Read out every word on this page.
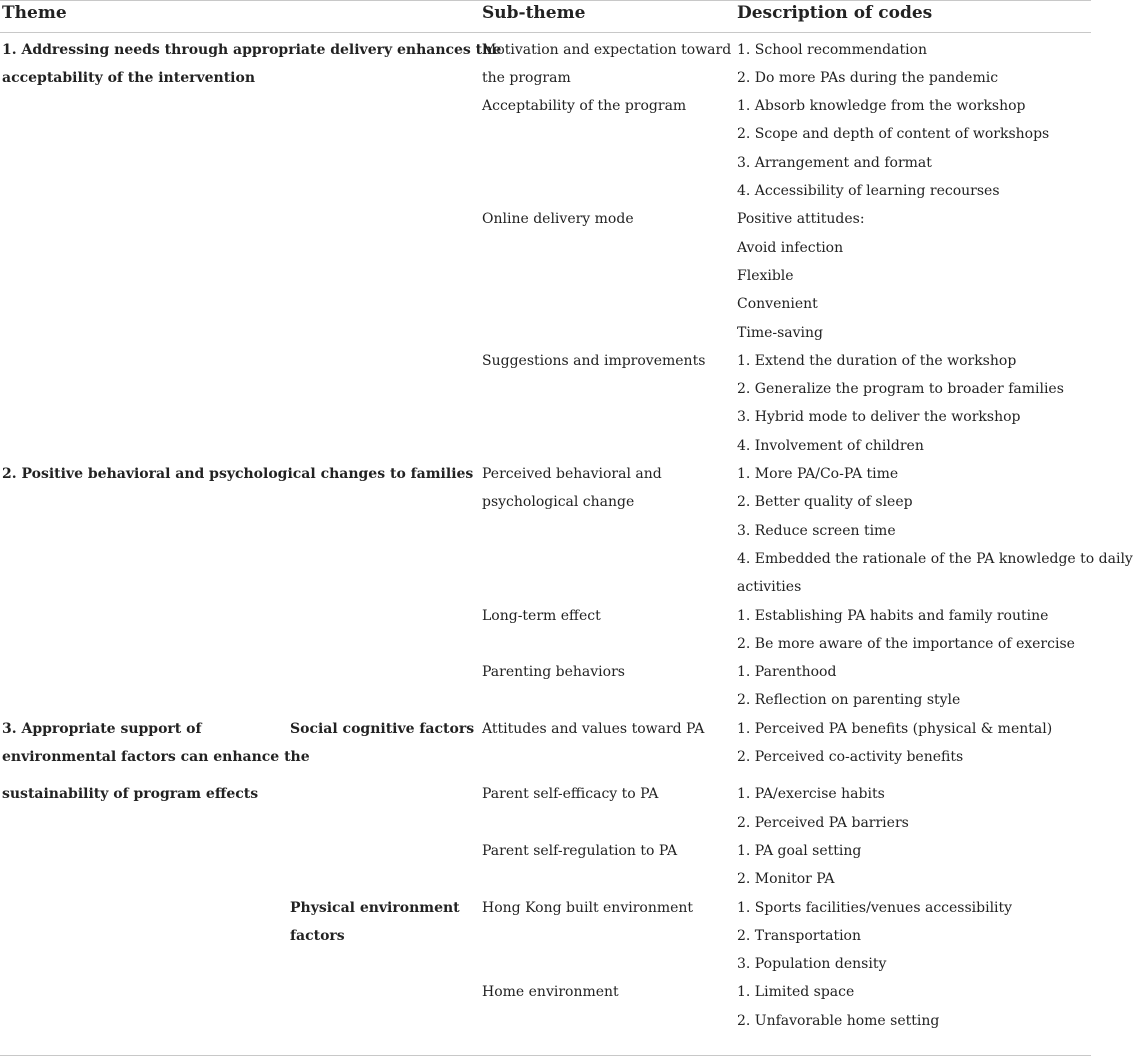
Theme	Sub-theme	Description of codes
1. Addressing needs through appropriate delivery enhances the
acceptability of the intervention
2. Positive behavioral and psychological changes to families
3. Appropriate support of
environmental factors can enhance the
sustainability of program effects
Social cognitive factors
Physical environment
factors
Motivation and expectation toward
the program
Acceptability of the program
Online delivery mode
Suggestions and improvements
Perceived behavioral and
psychological change
Long-term effect
Parenting behaviors
Attitudes and values toward PA
Parent self-efficacy to PA
Parent self-regulation to PA
Hong Kong built environment
Home environment
1. School recommendation
2. Do more PAs during the pandemic
1. Absorb knowledge from the workshop
2. Scope and depth of content of workshops
3. Arrangement and format
4. Accessibility of learning recourses
Positive attitudes:
Avoid infection
Flexible
Convenient
Time-saving
1. Extend the duration of the workshop
2. Generalize the program to broader families
3. Hybrid mode to deliver the workshop
4. Involvement of children
1. More PA/Co-PA time
2. Better quality of sleep
3. Reduce screen time
4. Embedded the rationale of the PA knowledge to daily
activities
1. Establishing PA habits and family routine
2. Be more aware of the importance of exercise
1. Parenthood
2. Reflection on parenting style
1. Perceived PA benefits (physical & mental)
2. Perceived co-activity benefits
1. PA/exercise habits
2. Perceived PA barriers
1. PA goal setting
2. Monitor PA
1. Sports facilities/venues accessibility
2. Transportation
3. Population density
1. Limited space
2. Unfavorable home setting
